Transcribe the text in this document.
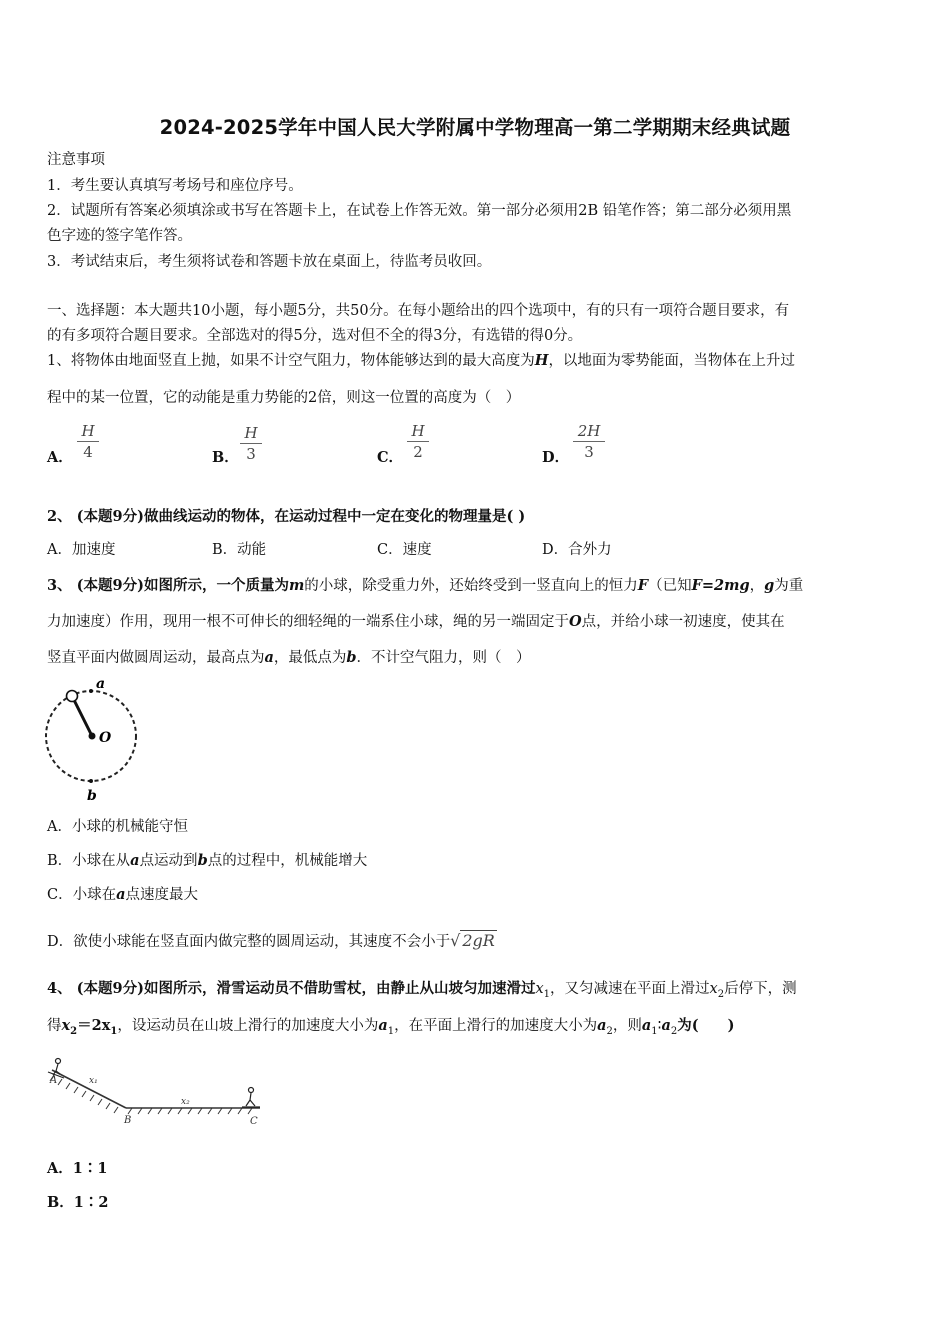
2024-2025学年中国人民大学附属中学物理高一第二学期期末经典试题
注意事项
1．考生要认真填写考场号和座位序号。
2．试题所有答案必须填涂或书写在答题卡上，在试卷上作答无效。第一部分必须用2B 铅笔作答；第二部分必须用黑
色字迹的签字笔作答。
3．考试结束后，考生须将试卷和答题卡放在桌面上，待监考员收回。
一、选择题：本大题共10小题，每小题5分，共50分。在每小题给出的四个选项中，有的只有一项符合题目要求，有
的有多项符合题目要求。全部选对的得5分，选对但不全的得3分，有选错的得0分。
1、将物体由地面竖直上抛，如果不计空气阻力，物体能够达到的最大高度为H，以地面为零势能面，当物体在上升过
程中的某一位置，它的动能是重力势能的2倍，则这一位置的高度为（　）
A．
H
4	B．
H
3	C．
H
2	D．
2H
3
2、 (本题9分)做曲线运动的物体，在运动过程中一定在变化的物理量是( )
A．加速度	B．动能	C．速度	D．合外力
3、 (本题9分)如图所示，一个质量为m的小球，除受重力外，还始终受到一竖直向上的恒力F（已知F=2mg，g为重
力加速度）作用，现用一根不可伸长的细轻绳的一端系住小球，绳的另一端固定于O点，并给小球一初速度，使其在
竖直平面内做圆周运动，最高点为a，最低点为b．不计空气阻力，则（　）
a
O
b
A．小球的机械能守恒
B．小球在从a点运动到b点的过程中，机械能增大
C．小球在a点速度最大
D．欲使小球能在竖直面内做完整的圆周运动，其速度不会小于√ 2gR
4、 (本题9分)如图所示，滑雪运动员不借助雪杖，由静止从山坡匀加速滑过$x_1$，又匀减速在平面上滑过$x_2$后停下，测
得$x_2=2x_1$，设运动员在山坡上滑行的加速度大小为$a_1$，在平面上滑行的加速度大小为$a_2$，则$a_1∶a_2$为(　　)
A	x₁
x₂
B	C
A．1∶1
B．1∶2
